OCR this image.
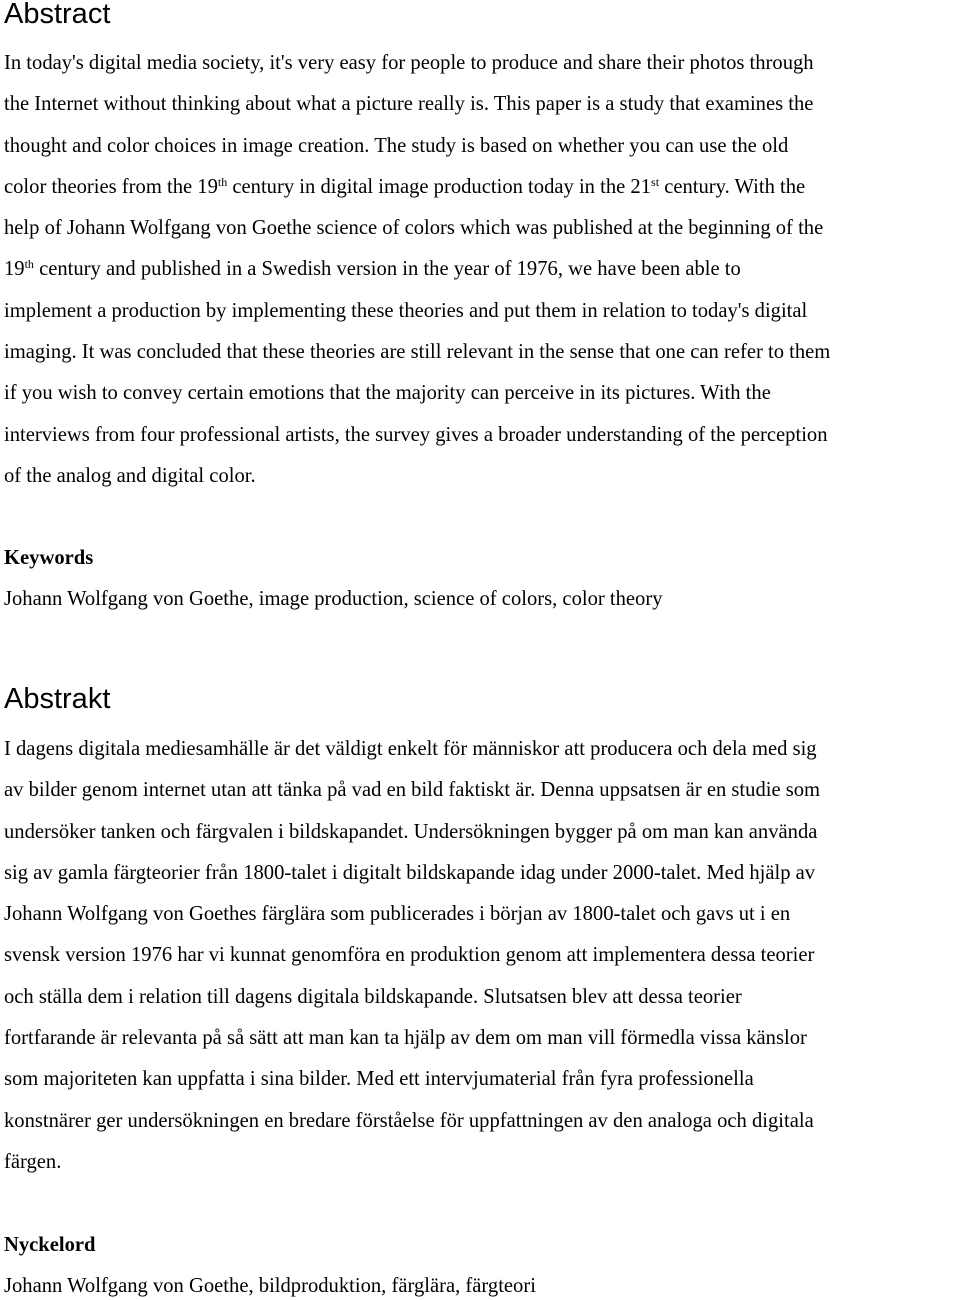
Abstract
In today's digital media society, it's very easy for people to produce and share their photos through
the Internet without thinking about what a picture really is. This paper is a study that examines the
thought and color choices in image creation. The study is based on whether you can use the old
color theories from the 19th century in digital image production today in the 21st century. With the
help of Johann Wolfgang von Goethe science of colors which was published at the beginning of the
19th century and published in a Swedish version in the year of 1976, we have been able to
implement a production by implementing these theories and put them in relation to today's digital
imaging. It was concluded that these theories are still relevant in the sense that one can refer to them
if you wish to convey certain emotions that the majority can perceive in its pictures. With the
interviews from four professional artists, the survey gives a broader understanding of the perception
of the analog and digital color.

Keywords

Johann Wolfgang von Goethe, image production, science of colors, color theory

Abstrakt
I dagens digitala mediesamhälle är det väldigt enkelt för människor att producera och dela med sig
av bilder genom internet utan att tänka på vad en bild faktiskt är. Denna uppsatsen är en studie som
undersöker tanken och färgvalen i bildskapandet. Undersökningen bygger på om man kan använda
sig av gamla färgteorier från 1800-talet i digitalt bildskapande idag under 2000-talet. Med hjälp av
Johann Wolfgang von Goethes färglära som publicerades i början av 1800-talet och gavs ut i en
svensk version 1976 har vi kunnat genomföra en produktion genom att implementera dessa teorier
och ställa dem i relation till dagens digitala bildskapande. Slutsatsen blev att dessa teorier
fortfarande är relevanta på så sätt att man kan ta hjälp av dem om man vill förmedla vissa känslor
som majoriteten kan uppfatta i sina bilder. Med ett intervjumaterial från fyra professionella
konstnärer ger undersökningen en bredare förståelse för uppfattningen av den analoga och digitala
färgen.

Nyckelord

Johann Wolfgang von Goethe, bildproduktion, färglära, färgteori
